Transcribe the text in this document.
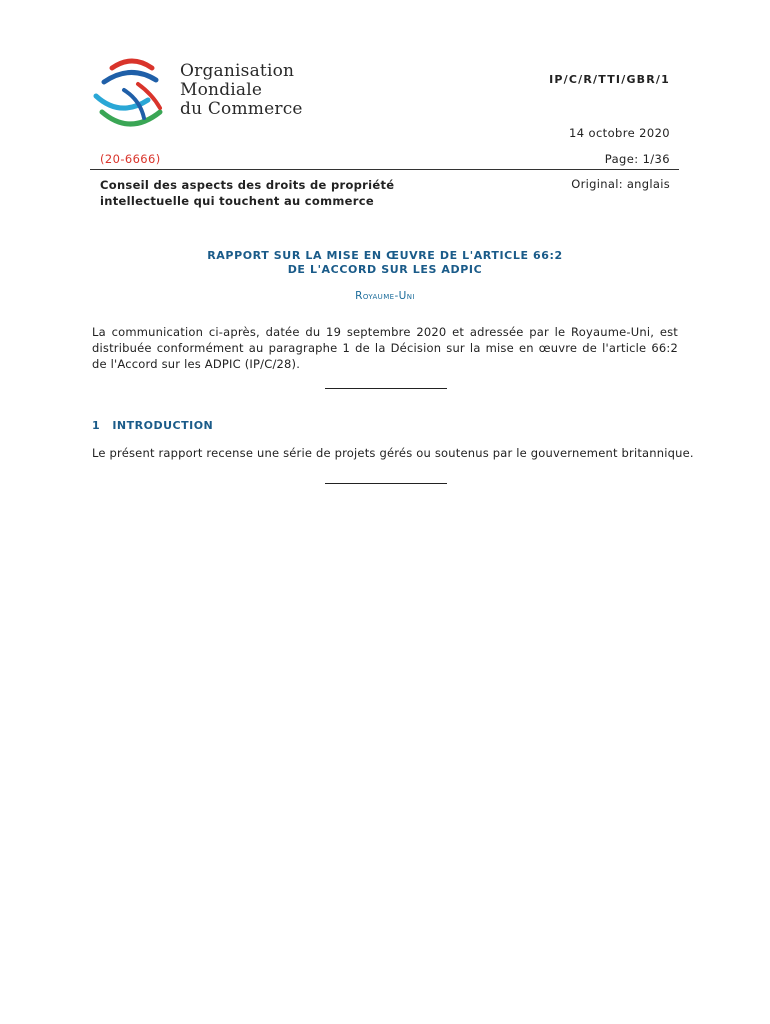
Organisation
Mondiale
du Commerce
IP/C/R/TTI/GBR/1
14 octobre 2020
(20-6666)	Page: 1/36
Conseil des aspects des droits de propriété intellectuelle qui touchent au commerce
Original: anglais
RAPPORT SUR LA MISE EN ŒUVRE DE L'ARTICLE 66:2
DE L'ACCORD SUR LES ADPIC
Royaume-Uni
La communication ci-après, datée du 19 septembre 2020 et adressée par le Royaume-Uni, est distribuée conformément au paragraphe 1 de la Décision sur la mise en œuvre de l'article 66:2 de l'Accord sur les ADPIC (IP/C/28).
1 INTRODUCTION
Le présent rapport recense une série de projets gérés ou soutenus par le gouvernement britannique.
